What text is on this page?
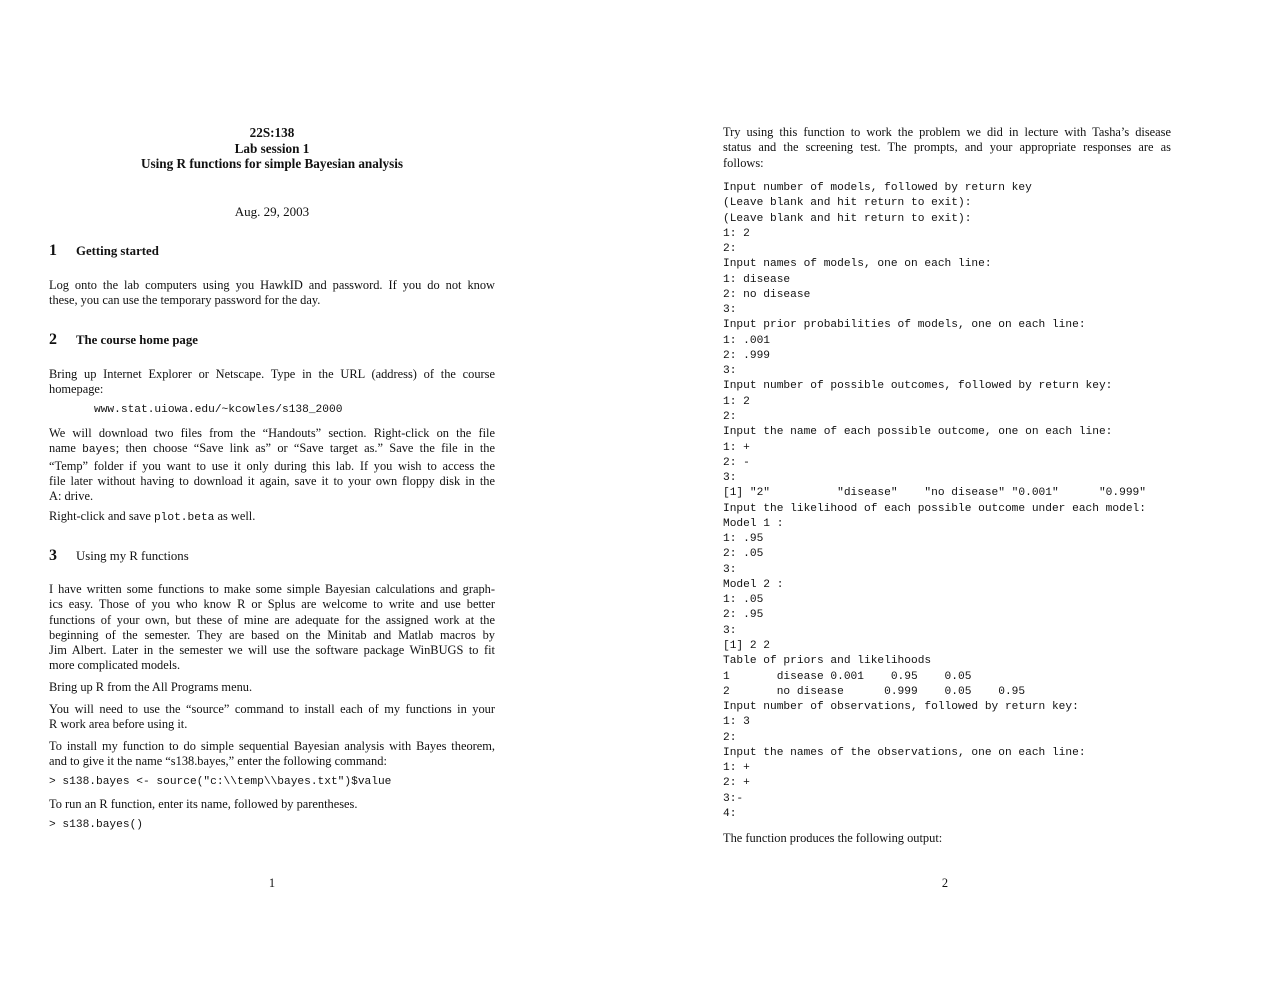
22S:138
Lab session 1
Using R functions for simple Bayesian analysis
Aug. 29, 2003
1 Getting started
Log onto the lab computers using you HawkID and password. If you do not know
these, you can use the temporary password for the day.
2 The course home page
Bring up Internet Explorer or Netscape. Type in the URL (address) of the course
homepage:
www.stat.uiowa.edu/~kcowles/s138_2000
We will download two files from the “Handouts” section. Right-click on the file
name bayes; then choose “Save link as” or “Save target as.” Save the file in the
“Temp” folder if you want to use it only during this lab. If you wish to access the
file later without having to download it again, save it to your own floppy disk in the
A: drive.
Right-click and save plot.beta as well.
3 Using my R functions
I have written some functions to make some simple Bayesian calculations and graph-
ics easy. Those of you who know R or Splus are welcome to write and use better
functions of your own, but these of mine are adequate for the assigned work at the
beginning of the semester. They are based on the Minitab and Matlab macros by
Jim Albert. Later in the semester we will use the software package WinBUGS to fit
more complicated models.
Bring up R from the All Programs menu.
You will need to use the “source” command to install each of my functions in your
R work area before using it.
To install my function to do simple sequential Bayesian analysis with Bayes theorem,
and to give it the name “s138.bayes,” enter the following command:
> s138.bayes <- source("c:\\temp\\bayes.txt")$value
To run an R function, enter its name, followed by parentheses.
> s138.bayes()
1
Try using this function to work the problem we did in lecture with Tasha’s disease
status and the screening test. The prompts, and your appropriate responses are as
follows:
Input number of models, followed by return key
(Leave blank and hit return to exit):
(Leave blank and hit return to exit):
1: 2
2:
Input names of models, one on each line:
1: disease
2: no disease
3:
Input prior probabilities of models, one on each line:
1: .001
2: .999
3:
Input number of possible outcomes, followed by return key:
1: 2
2:
Input the name of each possible outcome, one on each line:
1: +
2: -
3:
[1] "2"          "disease"    "no disease" "0.001"      "0.999"
Input the likelihood of each possible outcome under each model:
Model 1 :
1: .95
2: .05
3:
Model 2 :
1: .05
2: .95
3:
[1] 2 2
Table of priors and likelihoods
1       disease 0.001    0.95    0.05
2       no disease      0.999    0.05    0.95
Input number of observations, followed by return key:
1: 3
2:
Input the names of the observations, one on each line:
1: +
2: +
3:-
4:
The function produces the following output:
2
